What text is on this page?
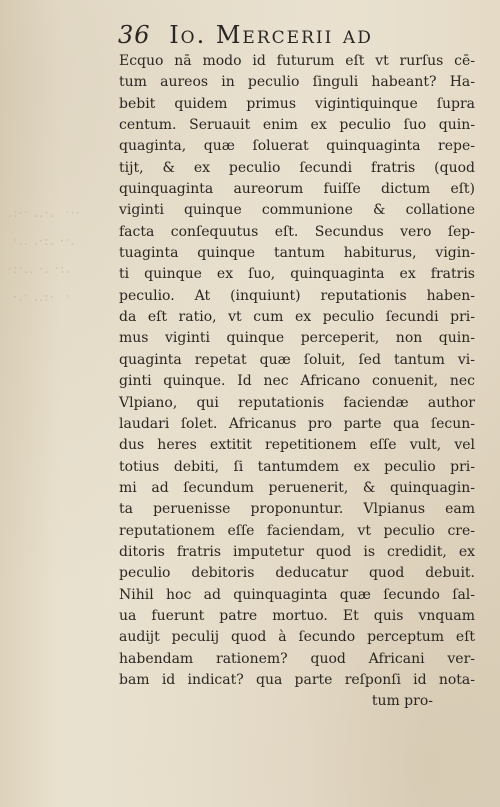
.:·ˑ ..·.  ˑ··
ˑ.. .·:. ·ˑ.
·:ˑ.. ·. ˑ:.
·.ˑ ..:·  ˑ
36 Io. Mercerii ad
Ecquo nā modo id futurum eſt vt rurſus cē-
tum aureos in peculio ſinguli habeant? Ha-
bebit quidem primus vigintiquinque ſupra
centum. Seruauit enim ex peculio ſuo quin-
quaginta, quæ ſoluerat quinquaginta repe-
tijt, & ex peculio ſecundi fratris (quod
quinquaginta aureorum fuiſſe dictum eſt)
viginti quinque communione & collatione
facta conſequutus eſt. Secundus vero ſep-
tuaginta quinque tantum habiturus, vigin-
ti quinque ex ſuo, quinquaginta ex fratris
peculio. At (inquiunt) reputationis haben-
da eſt ratio, vt cum ex peculio ſecundi pri-
mus viginti quinque perceperit, non quin-
quaginta repetat quæ ſoluit, ſed tantum vi-
ginti quinque. Id nec Africano conuenit, nec
Vlpiano, qui reputationis faciendæ author
laudari ſolet. Africanus pro parte qua ſecun-
dus heres extitit repetitionem eſſe vult, vel
totius debiti, ſi tantumdem ex peculio pri-
mi ad ſecundum peruenerit, & quinquagin-
ta peruenisse proponuntur. Vlpianus eam
reputationem eſſe faciendam, vt peculio cre-
ditoris fratris imputetur quod is credidit, ex
peculio debitoris deducatur quod debuit.
Nihil hoc ad quinquaginta quæ ſecundo ſal-
ua fuerunt patre mortuo. Et quis vnquam
audijt peculij quod à ſecundo perceptum eſt
habendam rationem? quod Africani ver-
bam id indicat? qua parte reſponſi id nota-
tum pro-
